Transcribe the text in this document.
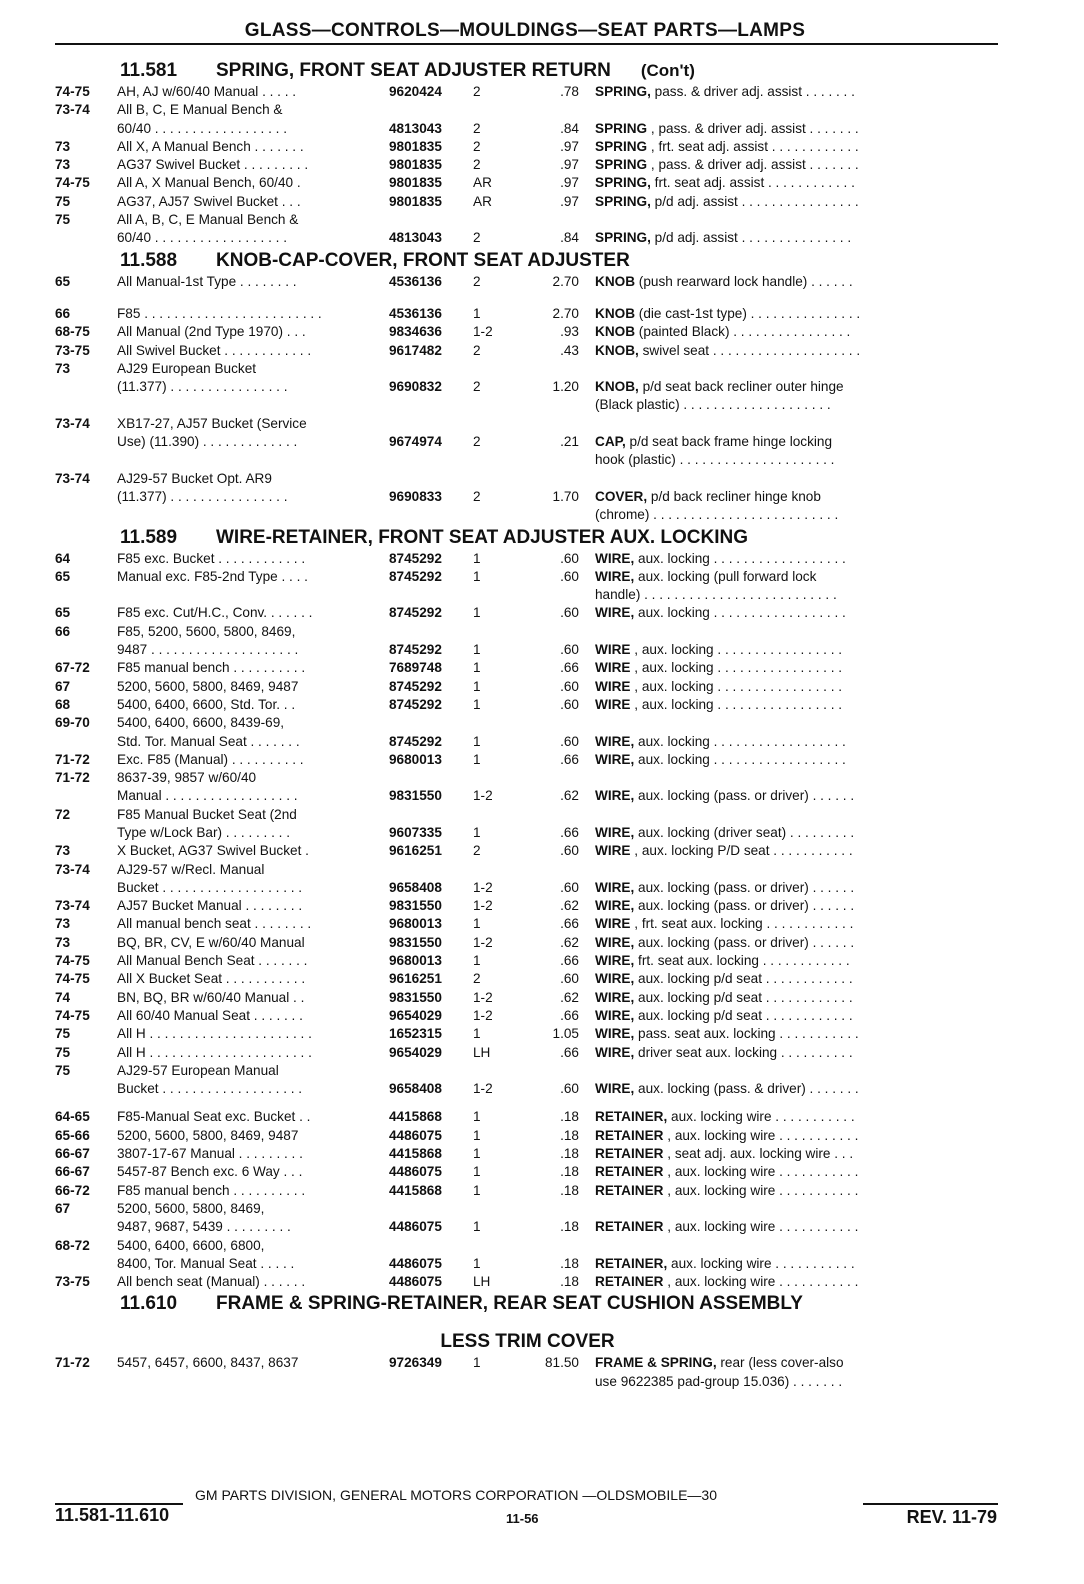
GLASS—CONTROLS—MOULDINGS—SEAT PARTS—LAMPS
11.581 SPRING, FRONT SEAT ADJUSTER RETURN (Con't)
74-75	AH, AJ w/60/40 Manual . . . . .	9620424	2	.78	SPRING, pass. & driver adj. assist . . . . . . .
73-74	All B, C, E Manual Bench &
60/40 . . . . . . . . . . . . . . . . . .	4813043	2	.84	SPRING , pass. & driver adj. assist . . . . . . .
73	All X, A Manual Bench . . . . . . .	9801835	2	.97	SPRING , frt. seat adj. assist . . . . . . . . . . . .
73	AG37 Swivel Bucket . . . . . . . . .	9801835	2	.97	SPRING , pass. & driver adj. assist . . . . . . .
74-75	All A, X Manual Bench, 60/40 .	9801835	AR	.97	SPRING, frt. seat adj. assist . . . . . . . . . . . .
75	AG37, AJ57 Swivel Bucket . . .	9801835	AR	.97	SPRING, p/d adj. assist . . . . . . . . . . . . . . . .
75	All A, B, C, E Manual Bench &
60/40 . . . . . . . . . . . . . . . . . .	4813043	2	.84	SPRING, p/d adj. assist . . . . . . . . . . . . . . .
11.588 KNOB-CAP-COVER, FRONT SEAT ADJUSTER
65	All Manual-1st Type . . . . . . . .	4536136	2	2.70	KNOB (push rearward lock handle) . . . . . .
66	F85 . . . . . . . . . . . . . . . . . . . . . . . .	4536136	1	2.70	KNOB (die cast-1st type) . . . . . . . . . . . . . . .
68-75	All Manual (2nd Type 1970) . . .	9834636	1-2	.93	KNOB (painted Black) . . . . . . . . . . . . . . . .
73-75	All Swivel Bucket . . . . . . . . . . . .	9617482	2	.43	KNOB, swivel seat . . . . . . . . . . . . . . . . . . . .
73	AJ29 European Bucket
(11.377) . . . . . . . . . . . . . . . .	9690832	2	1.20	KNOB, p/d seat back recliner outer hinge
(Black plastic) . . . . . . . . . . . . . . . . . . . .
73-74	XB17-27, AJ57 Bucket (Service
Use) (11.390) . . . . . . . . . . . . .	9674974	2	.21	CAP, p/d seat back frame hinge locking
hook (plastic) . . . . . . . . . . . . . . . . . . . . .
73-74	AJ29-57 Bucket Opt. AR9
(11.377) . . . . . . . . . . . . . . . .	9690833	2	1.70	COVER, p/d back recliner hinge knob
(chrome) . . . . . . . . . . . . . . . . . . . . . . . . .
11.589 WIRE-RETAINER, FRONT SEAT ADJUSTER AUX. LOCKING
64	F85 exc. Bucket . . . . . . . . . . . .	8745292	1	.60	WIRE, aux. locking . . . . . . . . . . . . . . . . . .
65	Manual exc. F85-2nd Type . . . .	8745292	1	.60	WIRE, aux. locking (pull forward lock
handle) . . . . . . . . . . . . . . . . . . . . . . . . . .
65	F85 exc. Cut/H.C., Conv. . . . . . .	8745292	1	.60	WIRE, aux. locking . . . . . . . . . . . . . . . . . .
66	F85, 5200, 5600, 5800, 8469,
9487 . . . . . . . . . . . . . . . . . . . .	8745292	1	.60	WIRE , aux. locking . . . . . . . . . . . . . . . . .
67-72	F85 manual bench . . . . . . . . . .	7689748	1	.66	WIRE , aux. locking . . . . . . . . . . . . . . . . .
67	5200, 5600, 5800, 8469, 9487	8745292	1	.60	WIRE , aux. locking . . . . . . . . . . . . . . . . .
68	5400, 6400, 6600, Std. Tor. . .	8745292	1	.60	WIRE , aux. locking . . . . . . . . . . . . . . . . .
69-70	5400, 6400, 6600, 8439-69,
Std. Tor. Manual Seat . . . . . . .	8745292	1	.60	WIRE, aux. locking . . . . . . . . . . . . . . . . . .
71-72	Exc. F85 (Manual) . . . . . . . . . .	9680013	1	.66	WIRE, aux. locking . . . . . . . . . . . . . . . . . .
71-72	8637-39, 9857 w/60/40
Manual . . . . . . . . . . . . . . . . . .	9831550	1-2	.62	WIRE, aux. locking (pass. or driver) . . . . . .
72	F85 Manual Bucket Seat (2nd
Type w/Lock Bar) . . . . . . . . .	9607335	1	.66	WIRE, aux. locking (driver seat) . . . . . . . . .
73	X Bucket, AG37 Swivel Bucket .	9616251	2	.60	WIRE , aux. locking P/D seat . . . . . . . . . . .
73-74	AJ29-57 w/Recl. Manual
Bucket . . . . . . . . . . . . . . . . . . .	9658408	1-2	.60	WIRE, aux. locking (pass. or driver) . . . . . .
73-74	AJ57 Bucket Manual . . . . . . . .	9831550	1-2	.62	WIRE, aux. locking (pass. or driver) . . . . . .
73	All manual bench seat . . . . . . . .	9680013	1	.66	WIRE , frt. seat aux. locking . . . . . . . . . . . .
73	BQ, BR, CV, E w/60/40 Manual	9831550	1-2	.62	WIRE, aux. locking (pass. or driver) . . . . . .
74-75	All Manual Bench Seat . . . . . . .	9680013	1	.66	WIRE, frt. seat aux. locking . . . . . . . . . . . .
74-75	All X Bucket Seat . . . . . . . . . . .	9616251	2	.60	WIRE, aux. locking p/d seat . . . . . . . . . . . .
74	BN, BQ, BR w/60/40 Manual . .	9831550	1-2	.62	WIRE, aux. locking p/d seat . . . . . . . . . . . .
74-75	All 60/40 Manual Seat . . . . . . .	9654029	1-2	.66	WIRE, aux. locking p/d seat . . . . . . . . . . . .
75	All H . . . . . . . . . . . . . . . . . . . . . .	1652315	1	1.05	WIRE, pass. seat aux. locking . . . . . . . . . . .
75	All H . . . . . . . . . . . . . . . . . . . . . .	9654029	LH	.66	WIRE, driver seat aux. locking . . . . . . . . . .
75	AJ29-57 European Manual
Bucket . . . . . . . . . . . . . . . . . . .	9658408	1-2	.60	WIRE, aux. locking (pass. & driver) . . . . . . .
64-65	F85-Manual Seat exc. Bucket . .	4415868	1	.18	RETAINER, aux. locking wire . . . . . . . . . . .
65-66	5200, 5600, 5800, 8469, 9487	4486075	1	.18	RETAINER , aux. locking wire . . . . . . . . . . .
66-67	3807-17-67 Manual . . . . . . . . .	4415868	1	.18	RETAINER , seat adj. aux. locking wire . . .
66-67	5457-87 Bench exc. 6 Way . . .	4486075	1	.18	RETAINER , aux. locking wire . . . . . . . . . . .
66-72	F85 manual bench . . . . . . . . . .	4415868	1	.18	RETAINER , aux. locking wire . . . . . . . . . . .
67	5200, 5600, 5800, 8469,
9487, 9687, 5439 . . . . . . . . .	4486075	1	.18	RETAINER , aux. locking wire . . . . . . . . . . .
68-72	5400, 6400, 6600, 6800,
8400, Tor. Manual Seat . . . . .	4486075	1	.18	RETAINER, aux. locking wire . . . . . . . . . . .
73-75	All bench seat (Manual) . . . . . .	4486075	LH	.18	RETAINER , aux. locking wire . . . . . . . . . . .
11.610 FRAME & SPRING-RETAINER, REAR SEAT CUSHION ASSEMBLY
LESS TRIM COVER
71-72	5457, 6457, 6600, 8437, 8637	9726349	1	81.50	FRAME & SPRING, rear (less cover-also
use 9622385 pad-group 15.036) . . . . . . .
GM PARTS DIVISION, GENERAL MOTORS CORPORATION —OLDSMOBILE—30
11.581-11.610	11-56	REV. 11-79
